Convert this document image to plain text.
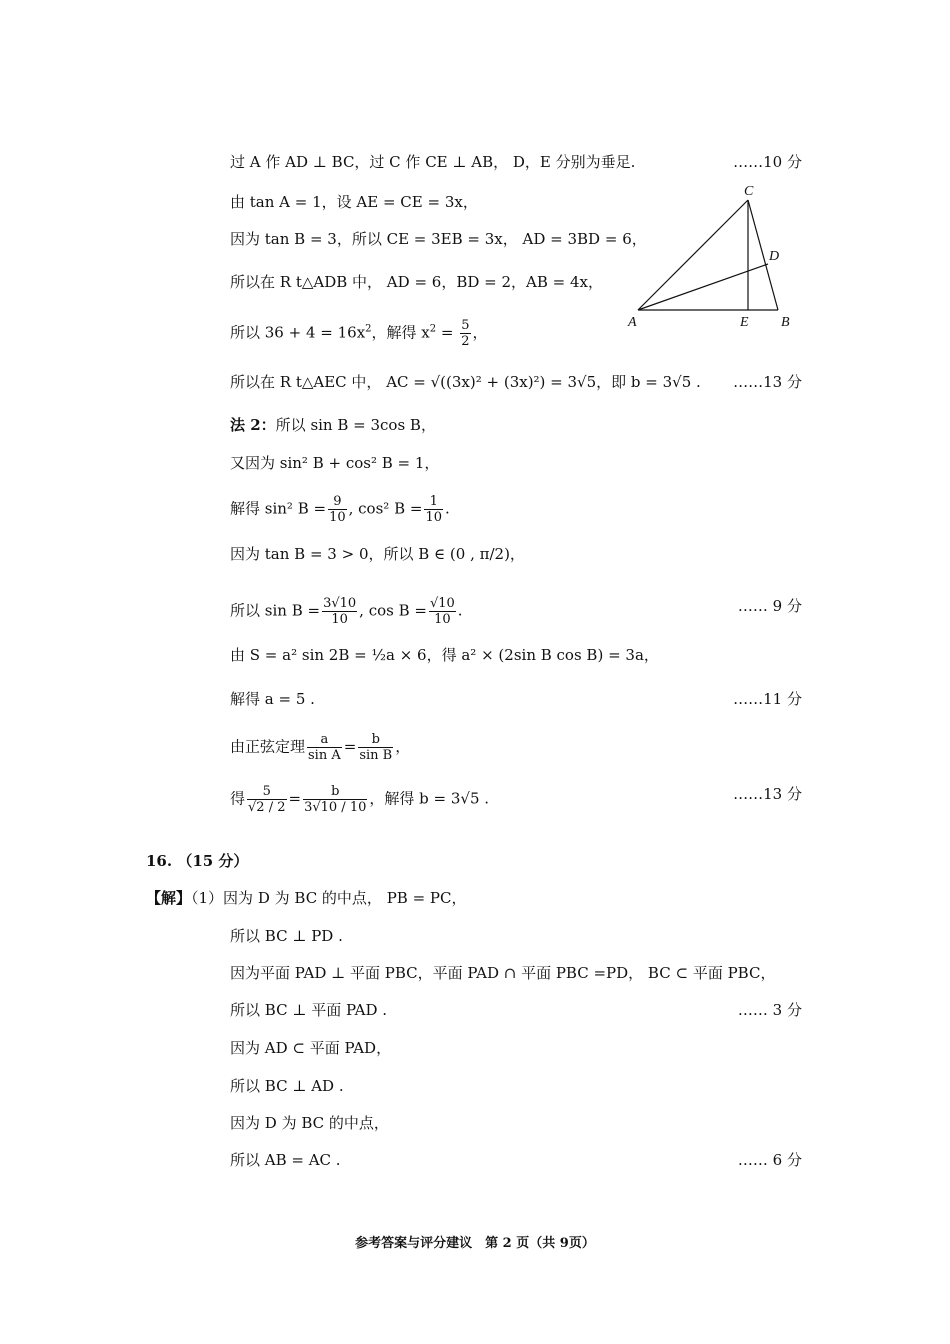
过 A 作 AD ⊥ BC，过 C 作 CE ⊥ AB， D，E 分别为垂足.	……10 分
由 tan A = 1，设 AE = CE = 3x，
因为 tan B = 3，所以 CE = 3EB = 3x， AD = 3BD = 6，
所以在 R t△ADB 中， AD = 6，BD = 2，AB = 4x，
所以 $36 + 4 = 16x^2$，解得 $x^2 = \frac{5}{2}$ ，
所以在 R t△AEC 中， AC = √((3x)² + (3x)²) = 3√5，即 b = 3√5 . ……13 分
法 2：所以 sin B = 3cos B，
又因为 sin² B + cos² B = 1，
解得 sin² $B = \frac{9}{10}$ , cos² $B = \frac{1}{10}$ .
因为 tan B = 3 > 0，所以 B ∈ (0 , π/2)，
所以 $\sin B = \frac{3√10}{10}$ , $\cos B = \frac{√10}{10}$ .	…… 9 分
由 S = a² sin 2B = ½a × 6，得 a² × (2sin B cos B) = 3a，
解得 a = 5 .	……11 分
由正弦定理 $\frac{a}{\text{sin A}} = \frac{b}{\text{sin B}}$ ，
得 $\frac{5}{√2 / 2} = \frac{b}{3√10 / 10}$ ，解得 b = 3√5 .	……13 分
16. （15 分）
【解】（1）因为 D 为 BC 的中点， PB = PC，
所以 BC ⊥ PD .
因为平面 PAD ⊥ 平面 PBC，平面 PAD ∩ 平面 PBC =PD， BC ⊂ 平面 PBC，
所以 BC ⊥ 平面 PAD .	…… 3 分
因为 AD ⊂ 平面 PAD，
所以 BC ⊥ AD .
因为 D 为 BC 的中点，
所以 AB = AC .	…… 6 分
A	B
C
D
E
参考答案与评分建议　第 2 页（共 9页）
